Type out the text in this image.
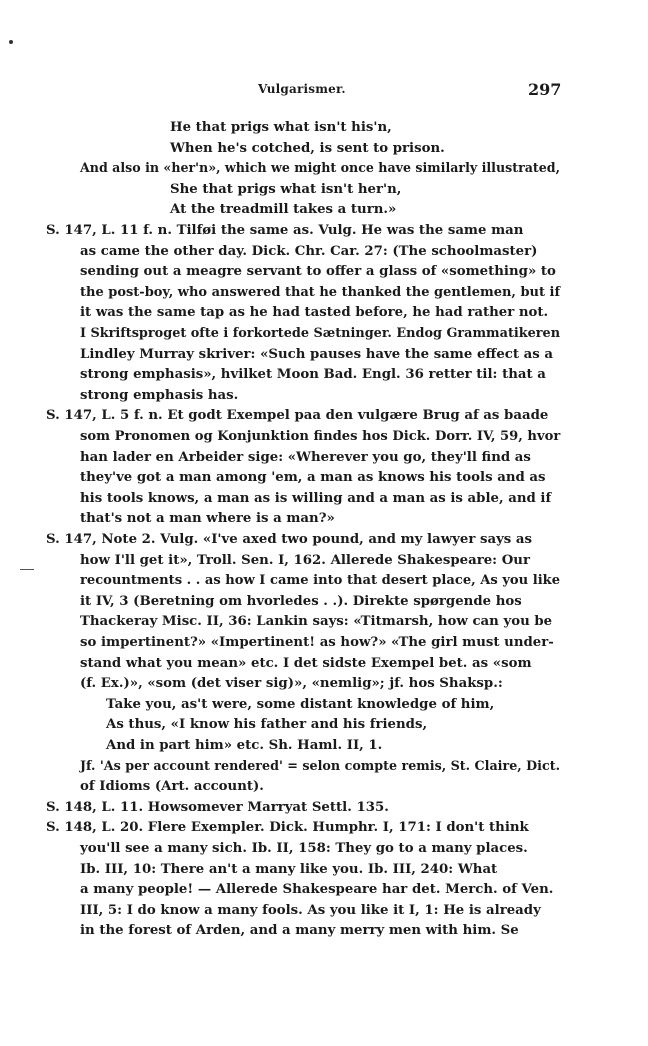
Vulgarismer.	297
He that prigs what isn't his'n,
When he's cotched, is sent to prison.
And also in «her'n», which we might once have similarly illustrated,
She that prigs what isn't her'n,
At the treadmill takes a turn.»
S. 147, L. 11 f. n. Tilføi the same as. Vulg. He was the same man
as came the other day. Dick. Chr. Car. 27: (The schoolmaster)
sending out a meagre servant to offer a glass of «something» to
the post-boy, who answered that he thanked the gentlemen, but if
it was the same tap as he had tasted before, he had rather not.
I Skriftsproget ofte i forkortede Sætninger. Endog Grammatikeren
Lindley Murray skriver: «Such pauses have the same effect as a
strong emphasis», hvilket Moon Bad. Engl. 36 retter til: that a
strong emphasis has.
S. 147, L. 5 f. n. Et godt Exempel paa den vulgære Brug af as baade
som Pronomen og Konjunktion findes hos Dick. Dorr. IV, 59, hvor
han lader en Arbeider sige: «Wherever you go, they'll find as
they've got a man among 'em, a man as knows his tools and as
his tools knows, a man as is willing and a man as is able, and if
that's not a man where is a man?»
S. 147, Note 2. Vulg. «I've axed two pound, and my lawyer says as
how I'll get it», Troll. Sen. I, 162. Allerede Shakespeare: Our
recountments . . as how I came into that desert place, As you like
it IV, 3 (Beretning om hvorledes . .). Direkte spørgende hos
Thackeray Misc. II, 36: Lankin says: «Titmarsh, how can you be
so impertinent?» «Impertinent! as how?» «The girl must under-
stand what you mean» etc. I det sidste Exempel bet. as «som
(f. Ex.)», «som (det viser sig)», «nemlig»; jf. hos Shaksp.:
Take you, as't were, some distant knowledge of him,
As thus, «I know his father and his friends,
And in part him» etc. Sh. Haml. II, 1.
Jf. 'As per account rendered' = selon compte remis, St. Claire, Dict.
of Idioms (Art. account).
S. 148, L. 11. Howsomever Marryat Settl. 135.
S. 148, L. 20. Flere Exempler. Dick. Humphr. I, 171: I don't think
you'll see a many sich. Ib. II, 158: They go to a many places.
Ib. III, 10: There an't a many like you. Ib. III, 240: What
a many people! — Allerede Shakespeare har det. Merch. of Ven.
III, 5: I do know a many fools. As you like it I, 1: He is already
in the forest of Arden, and a many merry men with him. Se
